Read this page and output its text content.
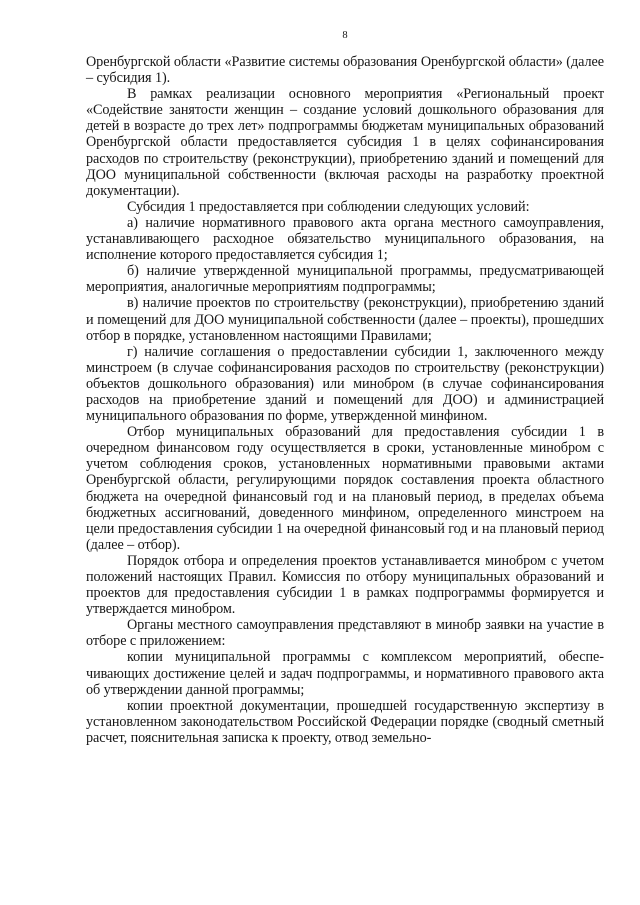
8

Оренбургской области «Развитие системы образования Оренбургской области» (далее – субсидия 1).

В рамках реализации основного мероприятия «Региональный проект «Содействие занятости женщин – создание условий дошкольного образования для детей в возрасте до трех лет» подпрограммы бюджетам муниципальных образований Оренбургской области предоставляется субсидия 1 в целях софинансирования расходов по строительству (реконструкции), приобретению зданий и помещений для ДОО муниципальной собственности (включая расходы на разработку проектной документации).

Субсидия 1 предоставляется при соблюдении следующих условий:

а) наличие нормативного правового акта органа местного самоуправления, устанавливающего расходное обязательство муниципального образования, на исполнение которого предоставляется субсидия 1;

б) наличие утвержденной муниципальной программы, предусматривающей мероприятия, аналогичные мероприятиям подпрограммы;

в) наличие проектов по строительству (реконструкции), приобретению зданий и помещений для ДОО муниципальной собственности (далее – проекты), прошедших отбор в порядке, установленном настоящими Правилами;

г) наличие соглашения о предоставлении субсидии 1, заключенного между минстроем (в случае софинансирования расходов по строительству (реконструкции) объектов дошкольного образования) или минобром (в случае софинансирования расходов на приобретение зданий и помещений для ДОО) и администрацией муниципального образования по форме, утвержденной минфином.

Отбор муниципальных образований для предоставления субсидии 1 в очередном финансовом году осуществляется в сроки, установленные минобром с учетом соблюдения сроков, установленных нормативными правовыми актами Оренбургской области, регулирующими порядок составления проекта областного бюджета на очередной финансовый год и на плановый период, в пределах объема бюджетных ассигнований, доведенного минфином, определенного минстроем на цели предоставления субсидии 1 на очередной финансовый год и на плановый период (далее – отбор).

Порядок отбора и определения проектов устанавливается минобром с учетом положений настоящих Правил. Комиссия по отбору муниципальных образований и проектов для предоставления субсидии 1 в рамках подпрограммы формируется и утверждается минобром.

Органы местного самоуправления представляют в минобр заявки на участие в отборе с приложением:

копии муниципальной программы с комплексом мероприятий, обеспечивающих достижение целей и задач подпрограммы, и нормативного правового акта об утверждении данной программы;

копии проектной документации, прошедшей государственную экспертизу в установленном законодательством Российской Федерации порядке (сводный сметный расчет, пояснительная записка к проекту, отвод земельно-
